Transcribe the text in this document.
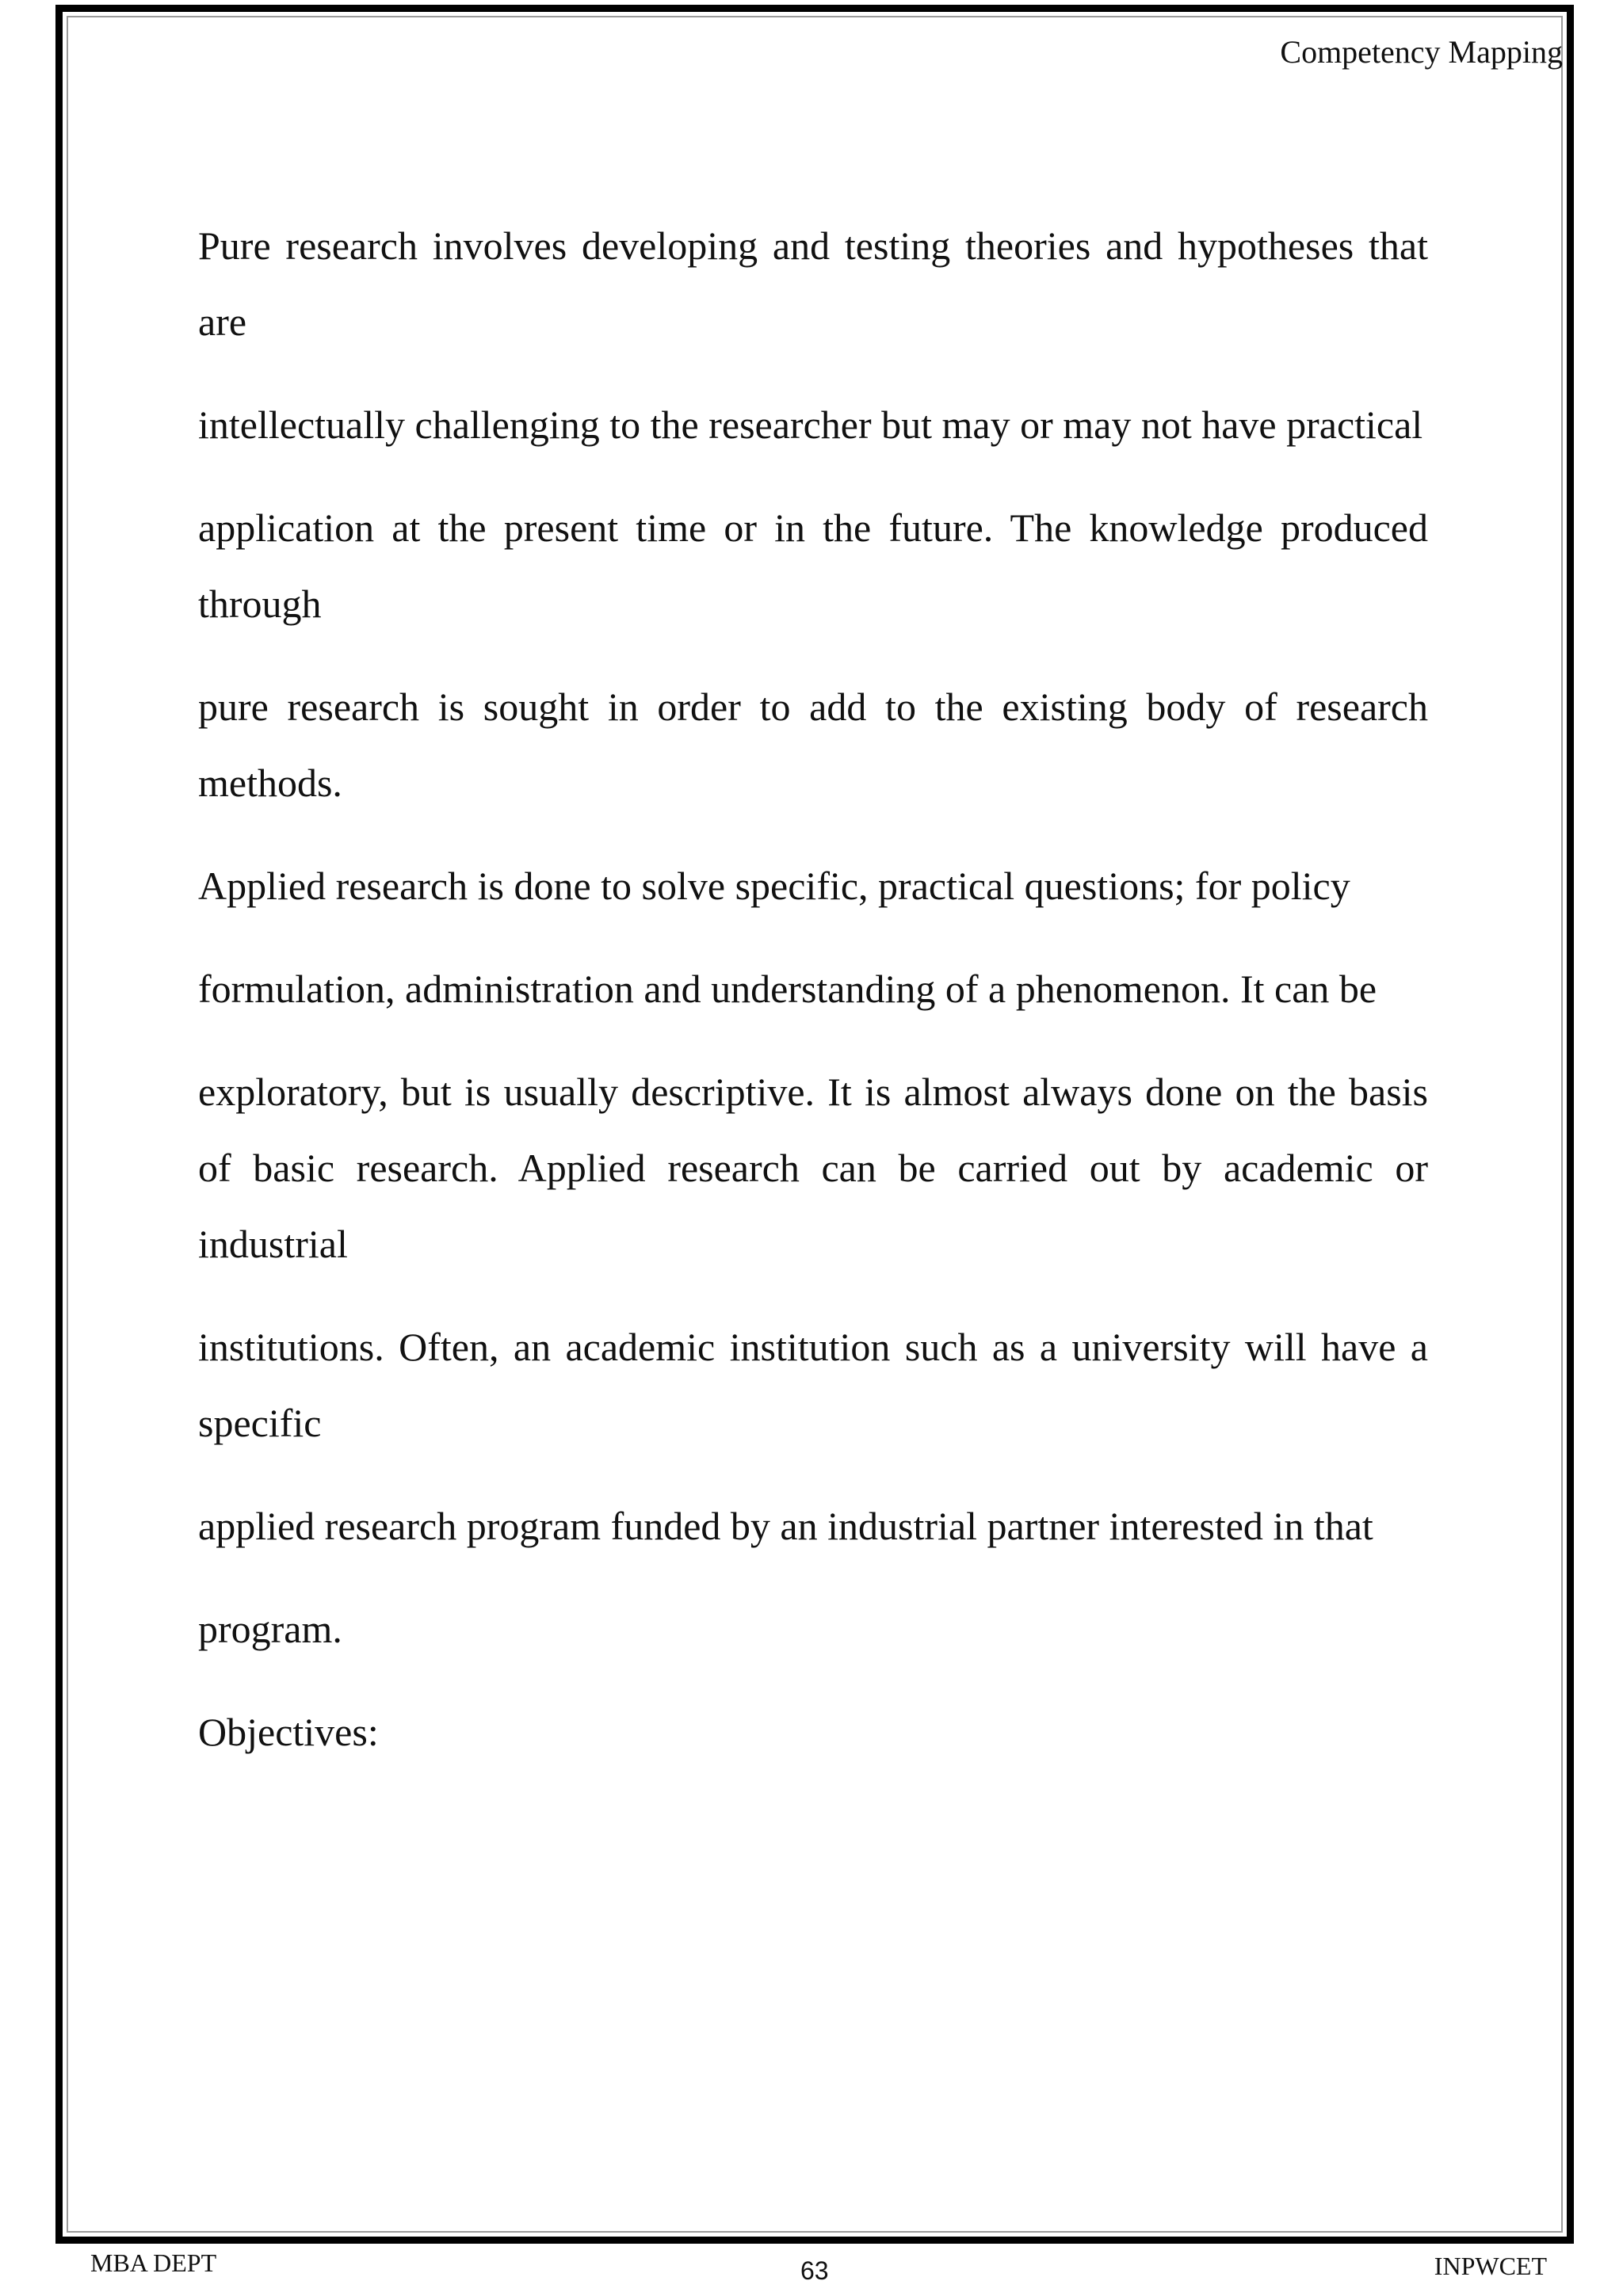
Competency Mapping

Pure research involves developing and testing theories and hypotheses that are

intellectually challenging to the researcher but may or may not have practical

application at the present time or in the future. The knowledge produced through

pure research is sought in order to add to the existing body of research methods.

Applied research is done to solve specific, practical questions; for policy

formulation, administration and understanding of a phenomenon. It can be

exploratory, but is usually descriptive. It is almost always done on the basis of basic research. Applied research can be carried out by academic or industrial

institutions. Often, an academic institution such as a university will have a specific

applied research program funded by an industrial partner interested in that

program.

Objectives:

MBA DEPT	63	INPWCET
